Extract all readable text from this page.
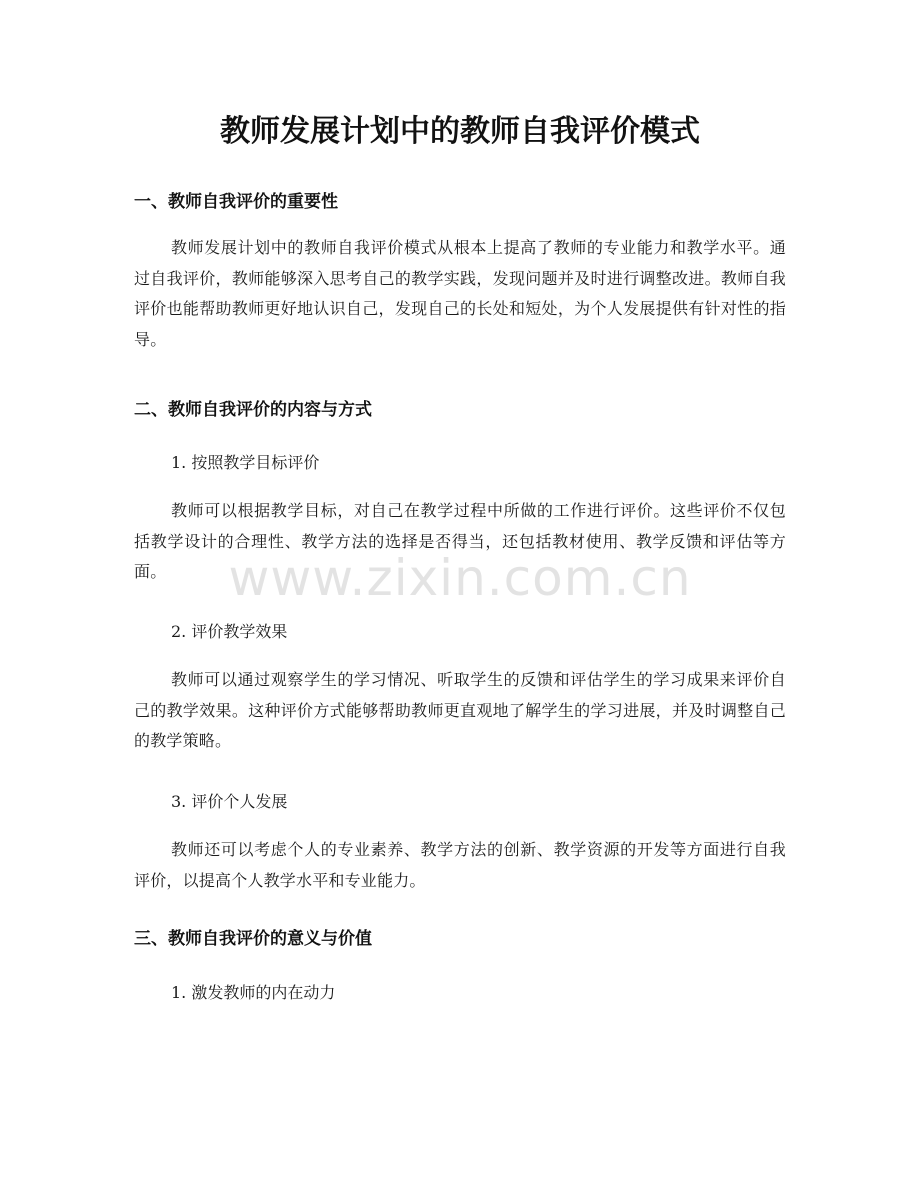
教师发展计划中的教师自我评价模式
一、教师自我评价的重要性

教师发展计划中的教师自我评价模式从根本上提高了教师的专业能力和教学水平。通过自我评价，教师能够深入思考自己的教学实践，发现问题并及时进行调整改进。教师自我评价也能帮助教师更好地认识自己，发现自己的长处和短处，为个人发展提供有针对性的指导。

二、教师自我评价的内容与方式

1. 按照教学目标评价

教师可以根据教学目标，对自己在教学过程中所做的工作进行评价。这些评价不仅包括教学设计的合理性、教学方法的选择是否得当，还包括教材使用、教学反馈和评估等方面。

2. 评价教学效果

教师可以通过观察学生的学习情况、听取学生的反馈和评估学生的学习成果来评价自己的教学效果。这种评价方式能够帮助教师更直观地了解学生的学习进展，并及时调整自己的教学策略。

3. 评价个人发展

教师还可以考虑个人的专业素养、教学方法的创新、教学资源的开发等方面进行自我评价，以提高个人教学水平和专业能力。

三、教师自我评价的意义与价值

1. 激发教师的内在动力

www.zixin.com.cn
